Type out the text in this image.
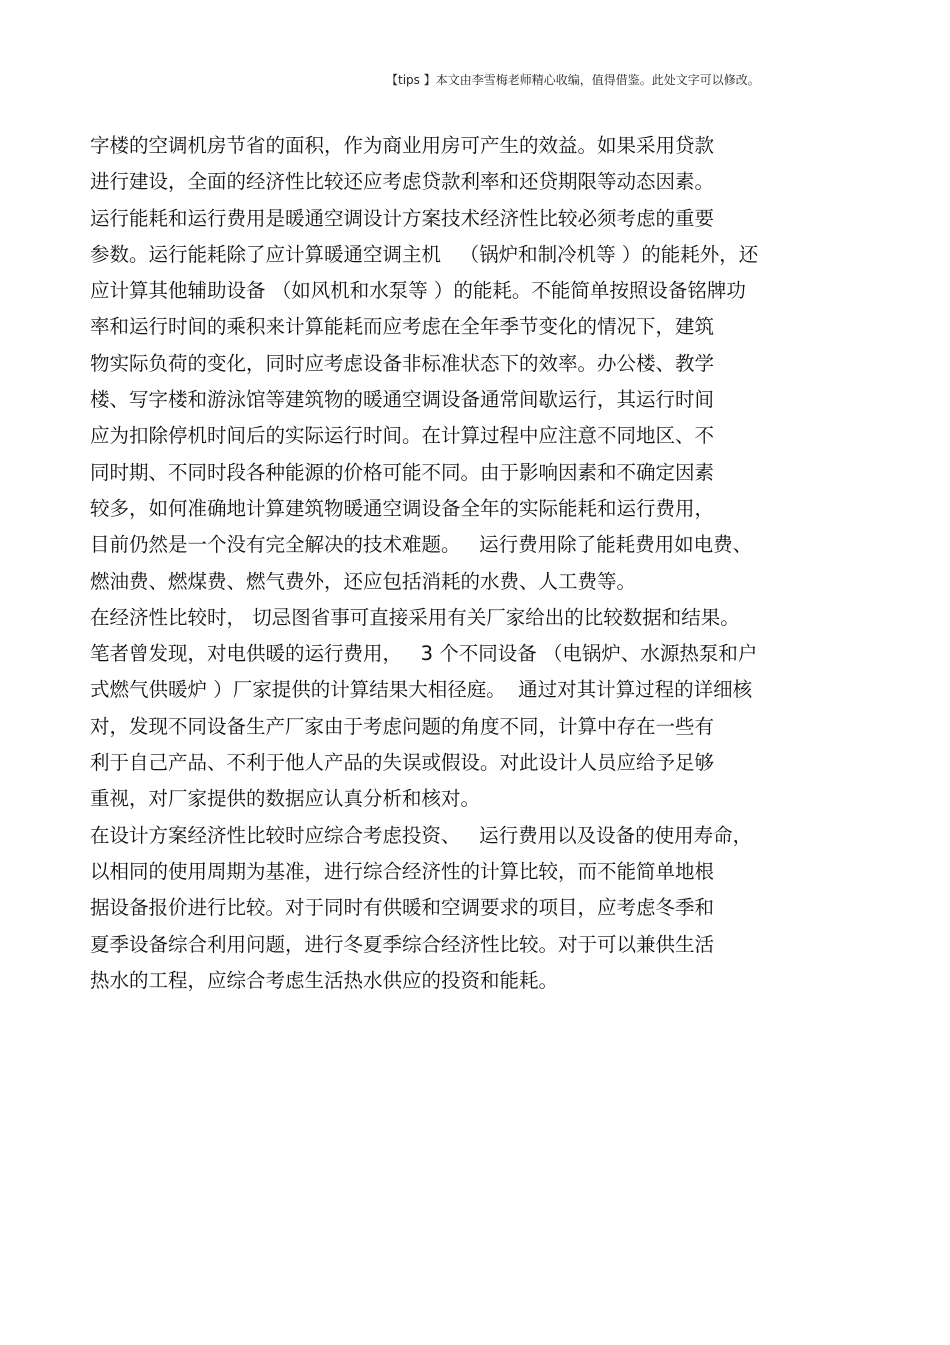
【tips 】本文由李雪梅老师精心收编，值得借鉴。此处文字可以修改。
字楼的空调机房节省的面积，作为商业用房可产生的效益。如果采用贷款
进行建设，全面的经济性比较还应考虑贷款利率和还贷期限等动态因素。
运行能耗和运行费用是暖通空调设计方案技术经济性比较必须考虑的重要
参数。运行能耗除了应计算暖通空调主机   （锅炉和制冷机等 ）的能耗外，还
应计算其他辅助设备 （如风机和水泵等 ）的能耗。不能简单按照设备铭牌功
率和运行时间的乘积来计算能耗而应考虑在全年季节变化的情况下，建筑
物实际负荷的变化，同时应考虑设备非标准状态下的效率。办公楼、教学
楼、写字楼和游泳馆等建筑物的暖通空调设备通常间歇运行，其运行时间
应为扣除停机时间后的实际运行时间。在计算过程中应注意不同地区、不
同时期、不同时段各种能源的价格可能不同。由于影响因素和不确定因素
较多，如何准确地计算建筑物暖通空调设备全年的实际能耗和运行费用，
目前仍然是一个没有完全解决的技术难题。   运行费用除了能耗费用如电费、
燃油费、燃煤费、燃气费外，还应包括消耗的水费、人工费等。
在经济性比较时， 切忌图省事可直接采用有关厂家给出的比较数据和结果。
笔者曾发现，对电供暖的运行费用，   3 个不同设备 （电锅炉、水源热泵和户
式燃气供暖炉 ）厂家提供的计算结果大相径庭。  通过对其计算过程的详细核
对，发现不同设备生产厂家由于考虑问题的角度不同，计算中存在一些有
利于自己产品、不利于他人产品的失误或假设。对此设计人员应给予足够
重视，对厂家提供的数据应认真分析和核对。
在设计方案经济性比较时应综合考虑投资、   运行费用以及设备的使用寿命，
以相同的使用周期为基准，进行综合经济性的计算比较，而不能简单地根
据设备报价进行比较。对于同时有供暖和空调要求的项目，应考虑冬季和
夏季设备综合利用问题，进行冬夏季综合经济性比较。对于可以兼供生活
热水的工程，应综合考虑生活热水供应的投资和能耗。
